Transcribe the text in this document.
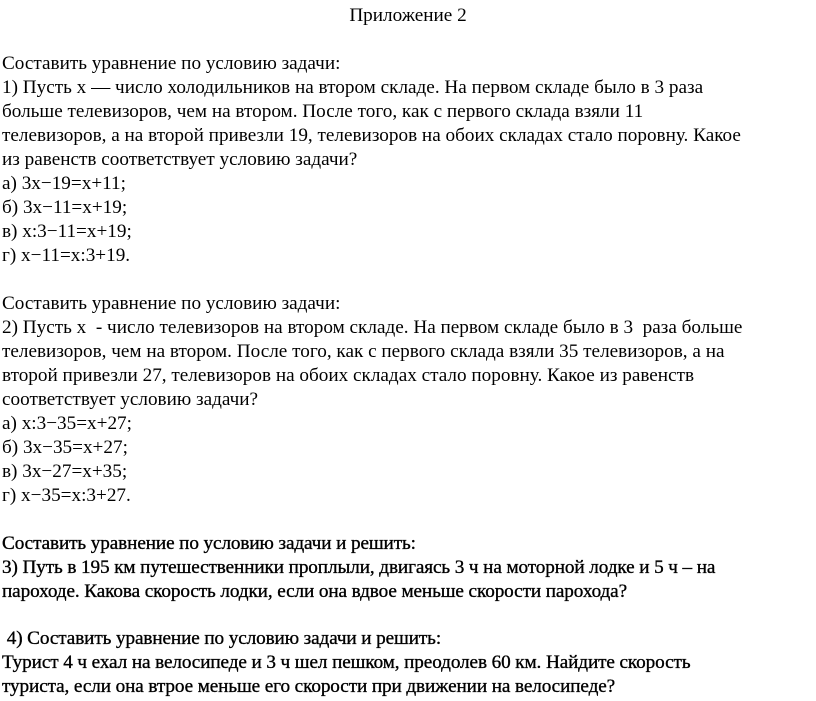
Приложение 2
Составить уравнение по условию задачи:
1) Пусть х — число холодильников на втором складе. На первом складе было в 3 раза
больше телевизоров, чем на втором. После того, как с первого склада взяли 11
телевизоров, а на второй привезли 19, телевизоров на обоих складах стало поровну. Какое
из равенств соответствует условию задачи?
а) 3х−19=х+11;
б) 3х−11=х+19;
в) х:3−11=х+19;
г) х−11=х:3+19.
Составить уравнение по условию задачи:
2) Пусть х  - число телевизоров на втором складе. На первом складе было в 3  раза больше
телевизоров, чем на втором. После того, как с первого склада взяли 35 телевизоров, а на
второй привезли 27, телевизоров на обоих складах стало поровну. Какое из равенств
соответствует условию задачи?
а) х:3−35=х+27;
б) 3х−35=х+27;
в) 3х−27=х+35;
г) х−35=х:3+27.
Составить уравнение по условию задачи и решить:
3) Путь в 195 км путешественники проплыли, двигаясь 3 ч на моторной лодке и 5 ч – на
пароходе. Какова скорость лодки, если она вдвое меньше скорости парохода?
4) Составить уравнение по условию задачи и решить:
Турист 4 ч ехал на велосипеде и 3 ч шел пешком, преодолев 60 км. Найдите скорость
туриста, если она втрое меньше его скорости при движении на велосипеде?
